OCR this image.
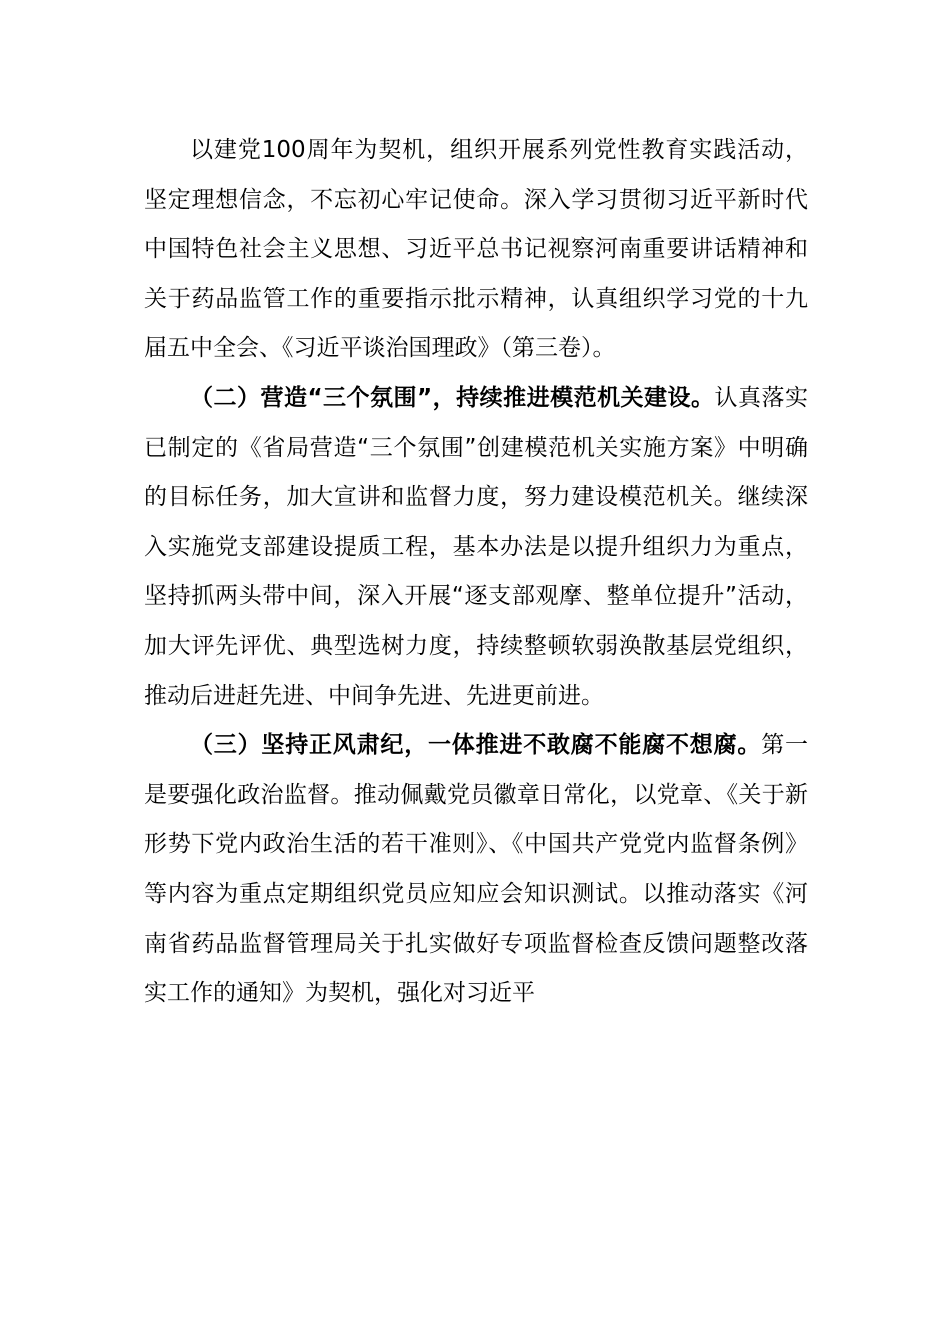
以建党100周年为契机，组织开展系列党性教育实践活动，坚定理想信念，不忘初心牢记使命。深入学习贯彻习近平新时代中国特色社会主义思想、习近平总书记视察河南重要讲话精神和关于药品监管工作的重要指示批示精神，认真组织学习党的十九届五中全会、《习近平谈治国理政》（第三卷）。

（二）营造“三个氛围”，持续推进模范机关建设。认真落实已制定的《省局营造“三个氛围”创建模范机关实施方案》中明确的目标任务，加大宣讲和监督力度，努力建设模范机关。继续深入实施党支部建设提质工程，基本办法是以提升组织力为重点，坚持抓两头带中间，深入开展“逐支部观摩、整单位提升”活动，加大评先评优、典型选树力度，持续整顿软弱涣散基层党组织，推动后进赶先进、中间争先进、先进更前进。

（三）坚持正风肃纪，一体推进不敢腐不能腐不想腐。第一是要强化政治监督。推动佩戴党员徽章日常化，以党章、《关于新形势下党内政治生活的若干准则》、《中国共产党党内监督条例》等内容为重点定期组织党员应知应会知识测试。以推动落实《河南省药品监督管理局关于扎实做好专项监督检查反馈问题整改落实工作的通知》为契机，强化对习近平
